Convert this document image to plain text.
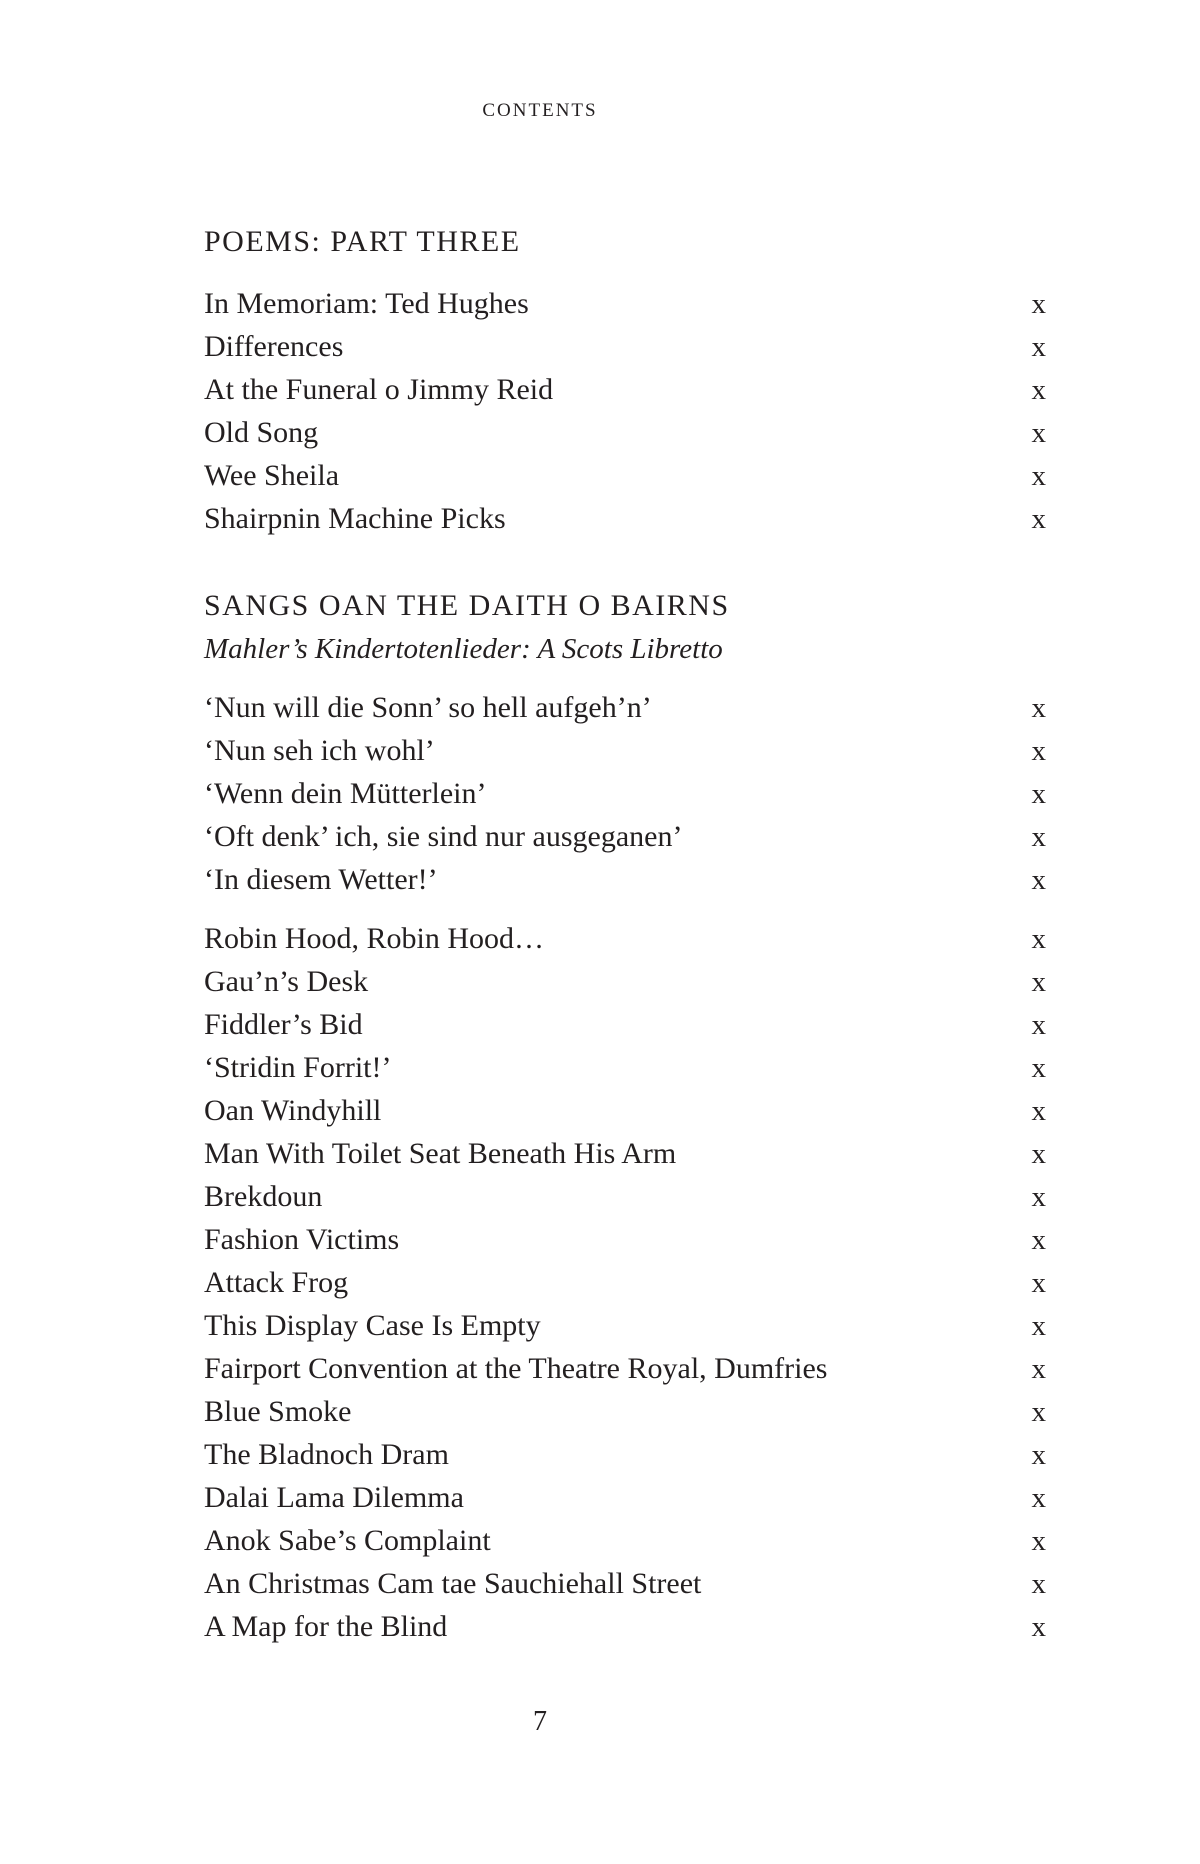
CONTENTS
POEMS: PART THREE
In Memoriam: Ted Hughes	x
Differences	x
At the Funeral o Jimmy Reid	x
Old Song	x
Wee Sheila	x
Shairpnin Machine Picks	x
SANGS OAN THE DAITH O BAIRNS
Mahler’s Kindertotenlieder: A Scots Libretto
‘Nun will die Sonn’ so hell aufgeh’n’	x
‘Nun seh ich wohl’	x
‘Wenn dein Mütterlein’	x
‘Oft denk’ ich, sie sind nur ausgeganen’	x
‘In diesem Wetter!’	x
Robin Hood, Robin Hood…	x
Gau’n’s Desk	x
Fiddler’s Bid	x
‘Stridin Forrit!’	x
Oan Windyhill	x
Man With Toilet Seat Beneath His Arm	x
Brekdoun	x
Fashion Victims	x
Attack Frog	x
This Display Case Is Empty	x
Fairport Convention at the Theatre Royal, Dumfries	x
Blue Smoke	x
The Bladnoch Dram	x
Dalai Lama Dilemma	x
Anok Sabe’s Complaint	x
An Christmas Cam tae Sauchiehall Street	x
A Map for the Blind	x
7
